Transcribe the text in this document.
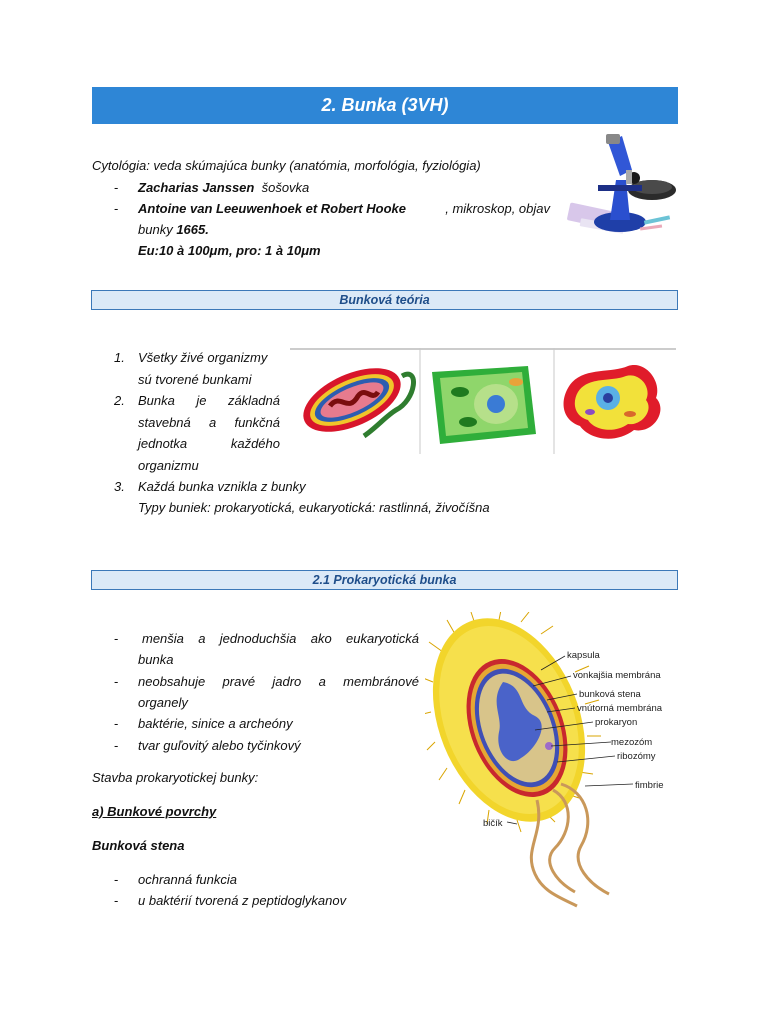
2. Bunka (3VH)
Cytológia: veda skúmajúca bunky (anatómia, morfológia, fyziológia)
- Zacharias Janssen šošovka
- Antoine van Leeuwenhoek et Robert Hooke	, mikroskop, objav
bunky 1665.
Eu:10 à 100μm, pro: 1 à 10μm
Bunková teória
1. Všetky živé organizmy
sú tvorené bunkami
2. Bunka je základná
stavebná a funkčná
jednotka každého
organizmu
3. Každá bunka vznikla z bunky
Typy buniek: prokaryotická, eukaryotická: rastlinná, živočíšna
2.1 Prokaryotická bunka
- menšia a jednoduchšia ako eukaryotická
bunka
- neobsahuje pravé jadro a membránové
organely
- baktérie, sinice a archeóny
- tvar guľovitý alebo tyčinkový
Stavba prokaryotickej bunky:
a) Bunkové povrchy
Bunková stena
- ochranná funkcia
- u baktérií tvorená z peptidoglykanov
kapsula
vonkajšia membrána
bunková stena
vnútorná membrána
prokaryon
mezozóm
ribozómy
fimbrie
bičík
